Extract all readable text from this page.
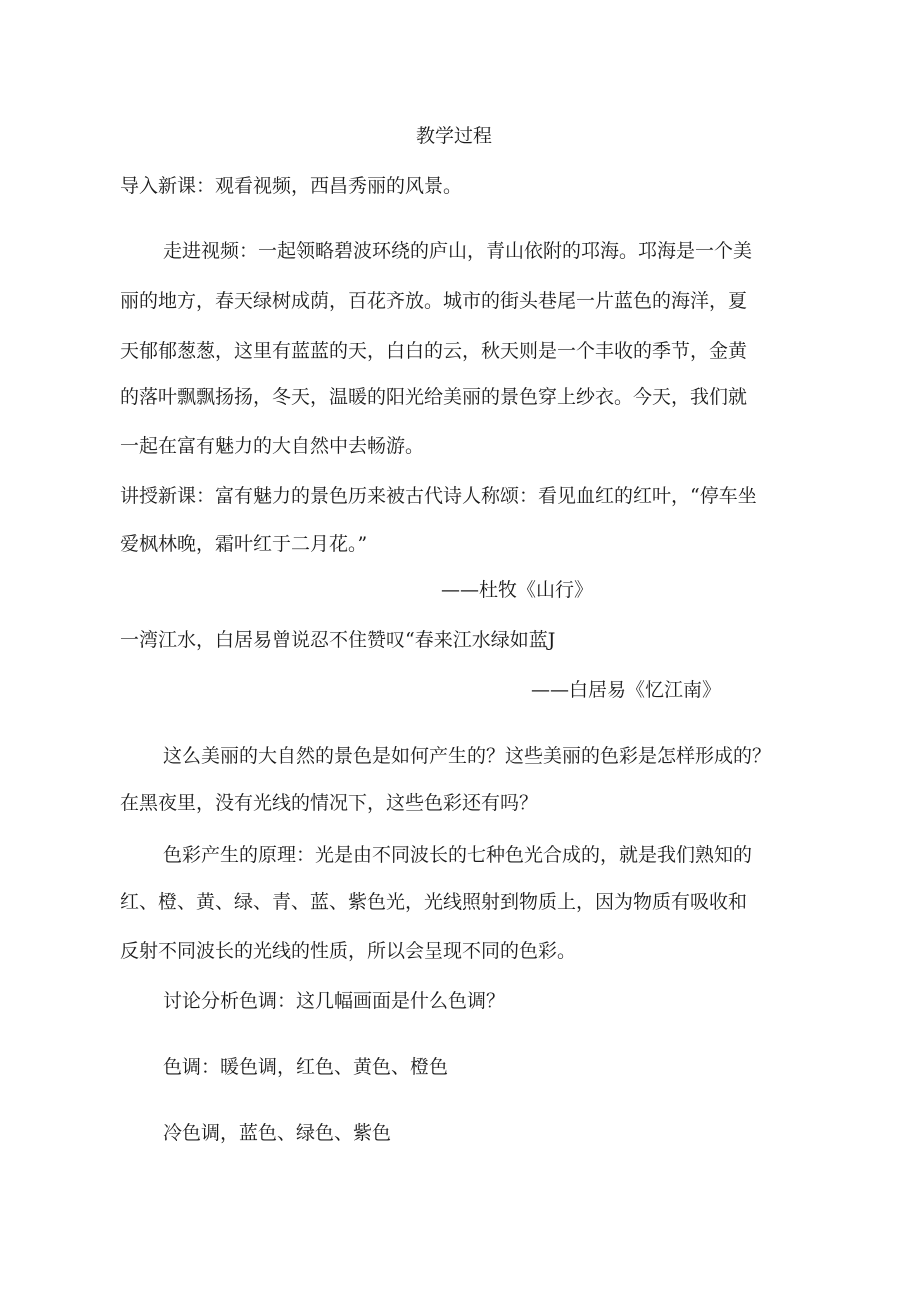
教学过程
导入新课：观看视频，西昌秀丽的风景。
走进视频：一起领略碧波环绕的庐山，青山依附的邛海。邛海是一个美
丽的地方，春天绿树成荫，百花齐放。城市的街头巷尾一片蓝色的海洋，夏
天郁郁葱葱，这里有蓝蓝的天，白白的云，秋天则是一个丰收的季节，金黄
的落叶飘飘扬扬，冬天，温暖的阳光给美丽的景色穿上纱衣。今天，我们就
一起在富有魅力的大自然中去畅游。
讲授新课：富有魅力的景色历来被古代诗人称颂：看见血红的红叶，“停车坐
爱枫林晚，霜叶红于二月花。”
——杜牧《山行》
一湾江水，白居易曾说忍不住赞叹“春来江水绿如蓝J
——白居易《忆江南》
这么美丽的大自然的景色是如何产生的？这些美丽的色彩是怎样形成的？
在黑夜里，没有光线的情况下，这些色彩还有吗？
色彩产生的原理：光是由不同波长的七种色光合成的，就是我们熟知的
红、橙、黄、绿、青、蓝、紫色光，光线照射到物质上，因为物质有吸收和
反射不同波长的光线的性质，所以会呈现不同的色彩。
讨论分析色调：这几幅画面是什么色调？
色调：暖色调，红色、黄色、橙色
冷色调，蓝色、绿色、紫色
